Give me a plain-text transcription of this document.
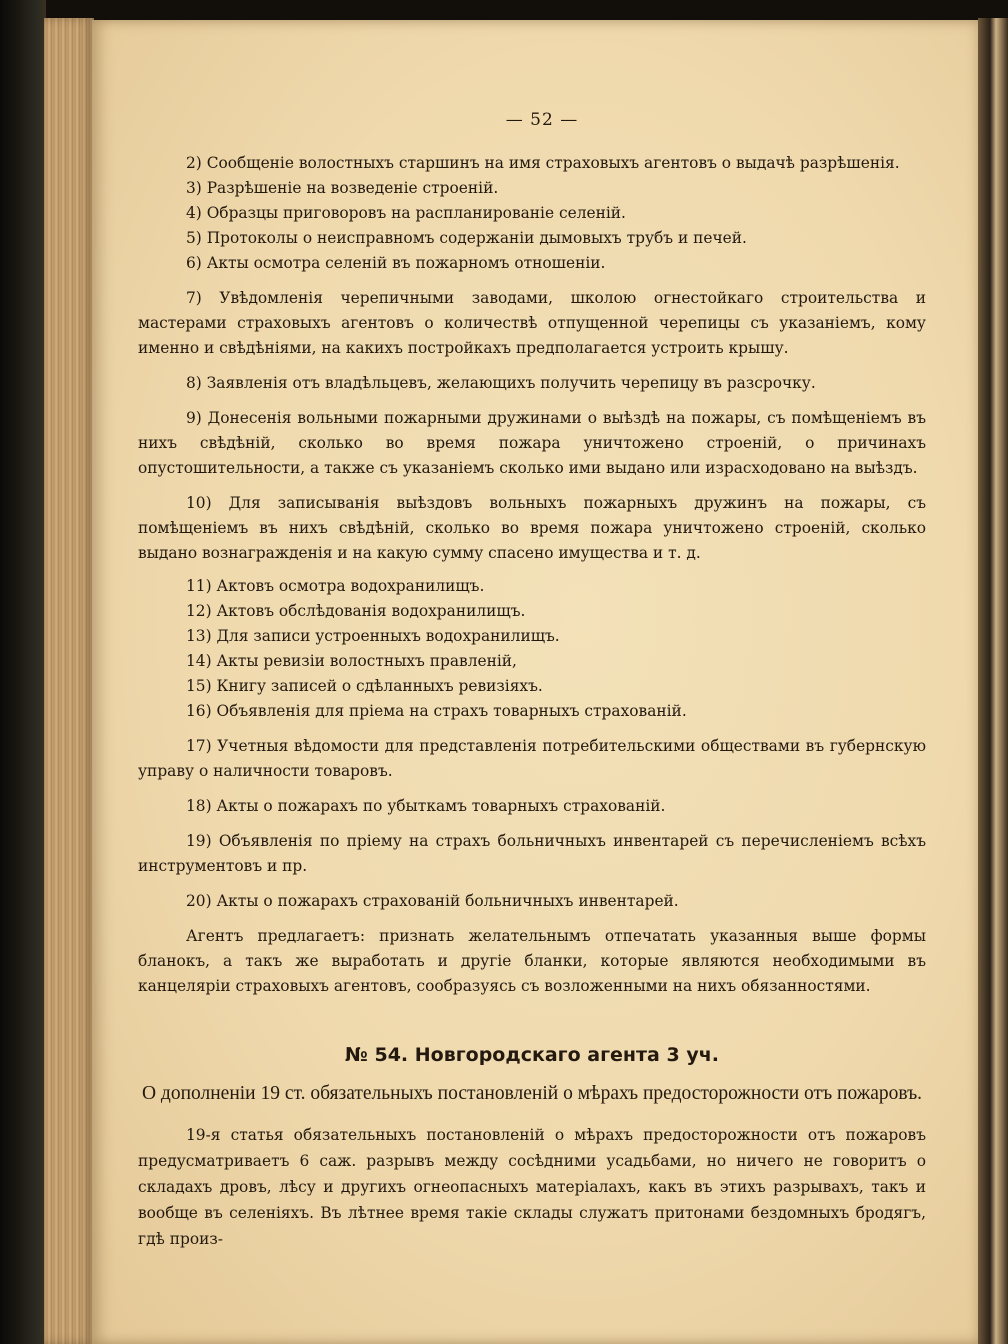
— 52 —
2) Сообщенiе волостныхъ старшинъ на имя страховыхъ агентовъ о выдачѣ разрѣшенiя.
3) Разрѣшенiе на возведенiе строенiй.
4) Образцы приговоровъ на распланированiе селенiй.
5) Протоколы о неисправномъ содержанiи дымовыхъ трубъ и печей.
6) Акты осмотра селенiй въ пожарномъ отношенiи.
7) Увѣдомленiя черепичными заводами, школою огнестойкаго строительства и мастерами страховыхъ агентовъ о количествѣ отпущенной черепицы съ указанiемъ, кому именно и свѣдѣнiями, на какихъ постройкахъ предполагается устроить крышу.
8) Заявленiя отъ владѣльцевъ, желающихъ получить черепицу въ разсрочку.
9) Донесенiя вольными пожарными дружинами о выѣздѣ на пожары, съ помѣщенiемъ въ нихъ свѣдѣнiй, сколько во время пожара уничтожено строенiй, о причинахъ опустошительности, а также съ указанiемъ сколько ими выдано или израсходовано на выѣздъ.
10) Для записыванiя выѣздовъ вольныхъ пожарныхъ дружинъ на пожары, съ помѣщенiемъ въ нихъ свѣдѣнiй, сколько во время пожара уничтожено строенiй, сколько выдано вознагражденiя и на какую сумму спасено имущества и т. д.
11) Актовъ осмотра водохранилищъ.
12) Актовъ обслѣдованiя водохранилищъ.
13) Для записи устроенныхъ водохранилищъ.
14) Акты ревизiи волостныхъ правленiй,
15) Книгу записей о сдѣланныхъ ревизiяхъ.
16) Объявленiя для прiема на страхъ товарныхъ страхованiй.
17) Учетныя вѣдомости для представленiя потребительскими обществами въ губернскую управу о наличности товаровъ.
18) Акты о пожарахъ по убыткамъ товарныхъ страхованiй.
19) Объявленiя по прiему на страхъ больничныхъ инвентарей съ перечисленiемъ всѣхъ инструментовъ и пр.
20) Акты о пожарахъ страхованiй больничныхъ инвентарей.
Агентъ предлагаетъ: признать желательнымъ отпечатать указанныя выше формы бланокъ, а такъ же выработать и другiе бланки, которые являются необходимыми въ канцелярiи страховыхъ агентовъ, сообразуясь съ возложенными на нихъ обязанностями.
№ 54. Новгородскаго агента 3 уч.
О дополненiи 19 ст. обязательныхъ постановленiй о мѣрахъ предосторожности отъ пожаровъ.
19-я статья обязательныхъ постановленiй о мѣрахъ предосторожности отъ пожаровъ предусматриваетъ 6 саж. разрывъ между сосѣдними усадьбами, но ничего не говоритъ о складахъ дровъ, лѣсу и другихъ огнеопасныхъ матерiалахъ, какъ въ этихъ разрывахъ, такъ и вообще въ селенiяхъ. Въ лѣтнее время такiе склады служатъ притонами бездомныхъ бродягъ, гдѣ произ-
